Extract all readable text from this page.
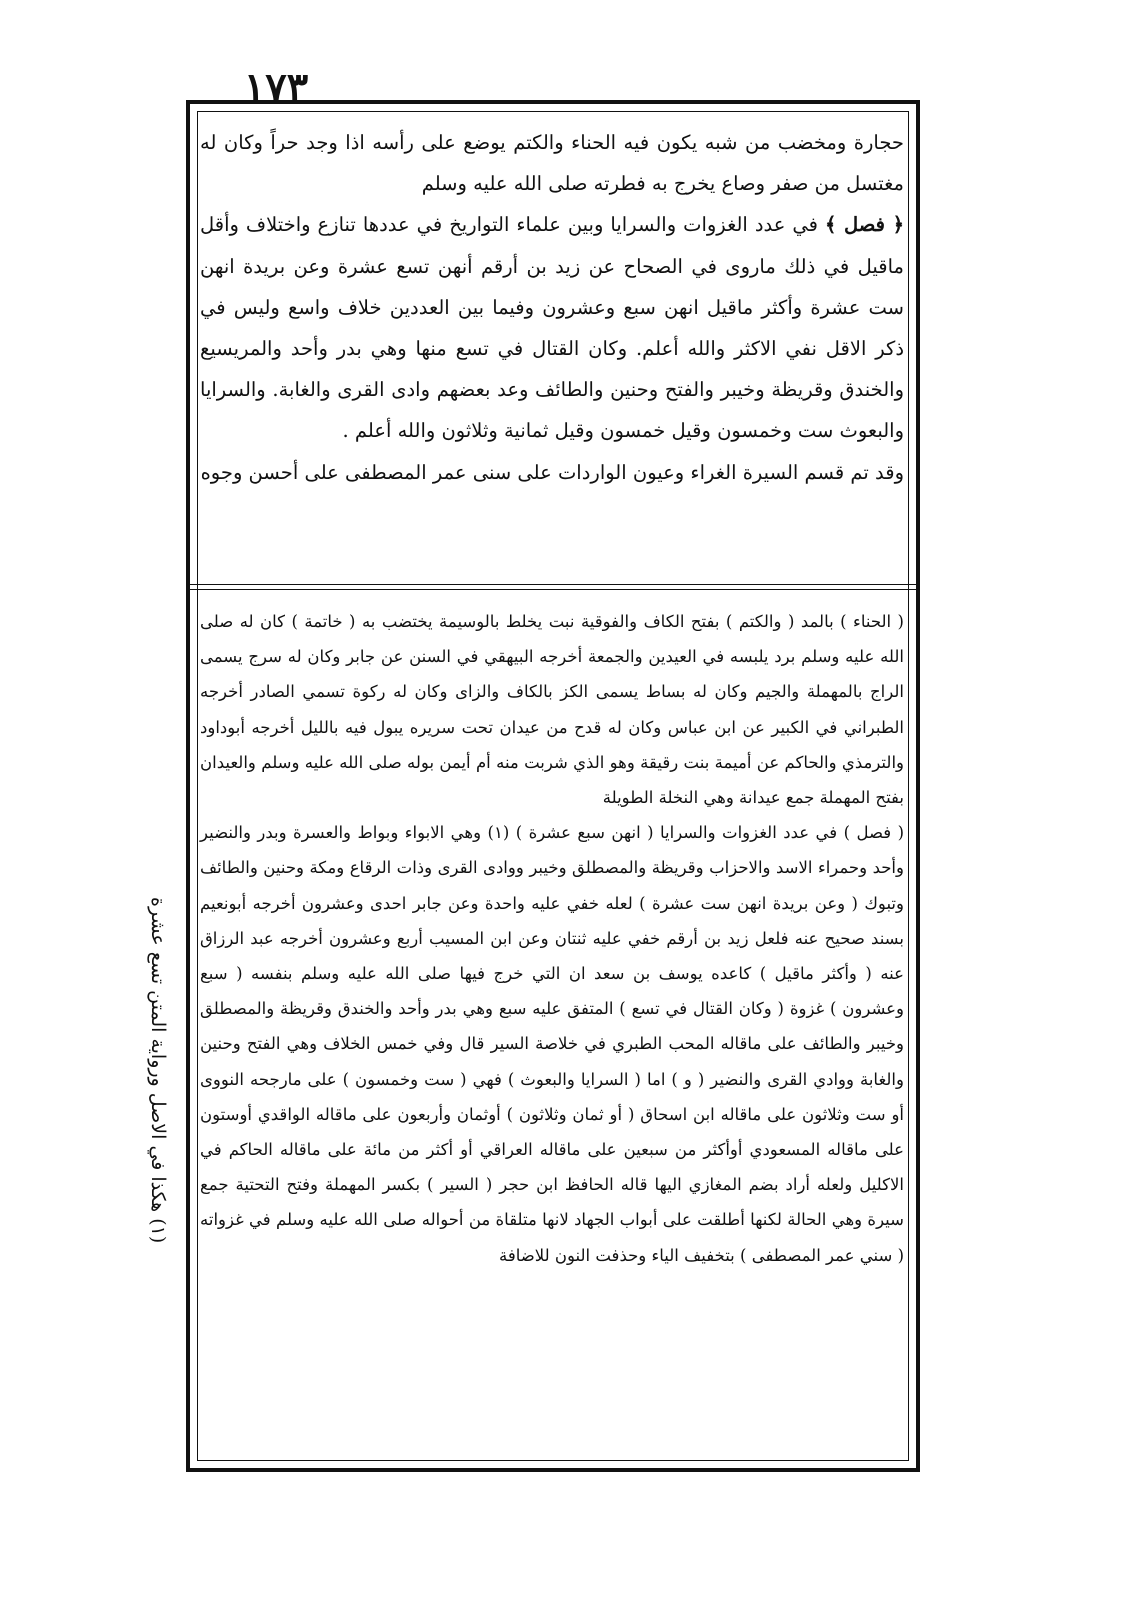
١٧٣

حجارة ومخضب من شبه يكون فيه الحناء والكتم يوضع على رأسه اذا وجد حراً وكان له مغتسل من صفر وصاع يخرج به فطرته صلى الله عليه وسلم

﴿ فصل ﴾ في عدد الغزوات والسرايا وبين علماء التواريخ في عددها تنازع واختلاف وأقل ماقيل في ذلك ماروى في الصحاح عن زيد بن أرقم أنهن تسع عشرة وعن بريدة انهن ست عشرة وأكثر ماقيل انهن سبع وعشرون وفيما بين العددين خلاف واسع وليس في ذكر الاقل نفي الاكثر والله أعلم. وكان القتال في تسع منها وهي بدر وأحد والمريسيع والخندق وقريظة وخيبر والفتح وحنين والطائف وعد بعضهم وادى القرى والغابة. والسرايا والبعوث ست وخمسون وقيل خمسون وقيل ثمانية وثلاثون والله أعلم .

وقد تم قسم السيرة الغراء وعيون الواردات على سنى عمر المصطفى على أحسن وجوه

( الحناء ) بالمد ( والكتم ) بفتح الكاف والفوقية نبت يخلط بالوسيمة يختضب به ( خاتمة ) كان له صلى الله عليه وسلم برد يلبسه في العيدين والجمعة أخرجه البيهقي في السنن عن جابر وكان له سرج يسمى الراج بالمهملة والجيم وكان له بساط يسمى الكز بالكاف والزاى وكان له ركوة تسمي الصادر أخرجه الطبراني في الكبير عن ابن عباس وكان له قدح من عيدان تحت سريره يبول فيه بالليل أخرجه أبوداود والترمذي والحاكم عن أميمة بنت رقيقة وهو الذي شربت منه أم أيمن بوله صلى الله عليه وسلم والعيدان بفتح المهملة جمع عيدانة وهي النخلة الطويلة

( فصل ) في عدد الغزوات والسرايا ( انهن سبع عشرة ) (١) وهي الابواء وبواط والعسرة وبدر والنضير وأحد وحمراء الاسد والاحزاب وقريظة والمصطلق وخيبر ووادى القرى وذات الرقاع ومكة وحنين والطائف وتبوك ( وعن بريدة انهن ست عشرة ) لعله خفي عليه واحدة وعن جابر احدى وعشرون أخرجه أبونعيم بسند صحيح عنه فلعل زيد بن أرقم خفي عليه ثنتان وعن ابن المسيب أربع وعشرون أخرجه عبد الرزاق عنه ( وأكثر ماقيل ) كاعده يوسف بن سعد ان التي خرج فيها صلى الله عليه وسلم بنفسه ( سبع وعشرون ) غزوة ( وكان القتال في تسع ) المتفق عليه سبع وهي بدر وأحد والخندق وقريظة والمصطلق وخيبر والطائف على ماقاله المحب الطبري في خلاصة السير قال وفي خمس الخلاف وهي الفتح وحنين والغابة ووادي القرى والنضير ( و ) اما ( السرايا والبعوث ) فهي ( ست وخمسون ) على مارجحه النووى أو ست وثلاثون على ماقاله ابن اسحاق ( أو ثمان وثلاثون ) أوثمان وأربعون على ماقاله الواقدي أوستون على ماقاله المسعودي أوأكثر من سبعين على ماقاله العراقي أو أكثر من مائة على ماقاله الحاكم في الاكليل ولعله أراد بضم المغازي اليها قاله الحافظ ابن حجر ( السير ) بكسر المهملة وفتح التحتية جمع سيرة وهي الحالة لكنها أطلقت على أبواب الجهاد لانها متلقاة من أحواله صلى الله عليه وسلم في غزواته ( سني عمر المصطفى ) بتخفيف الياء وحذفت النون للاضافة

(١) هكذا في الاصل ورواية المتن تسع عشرة
